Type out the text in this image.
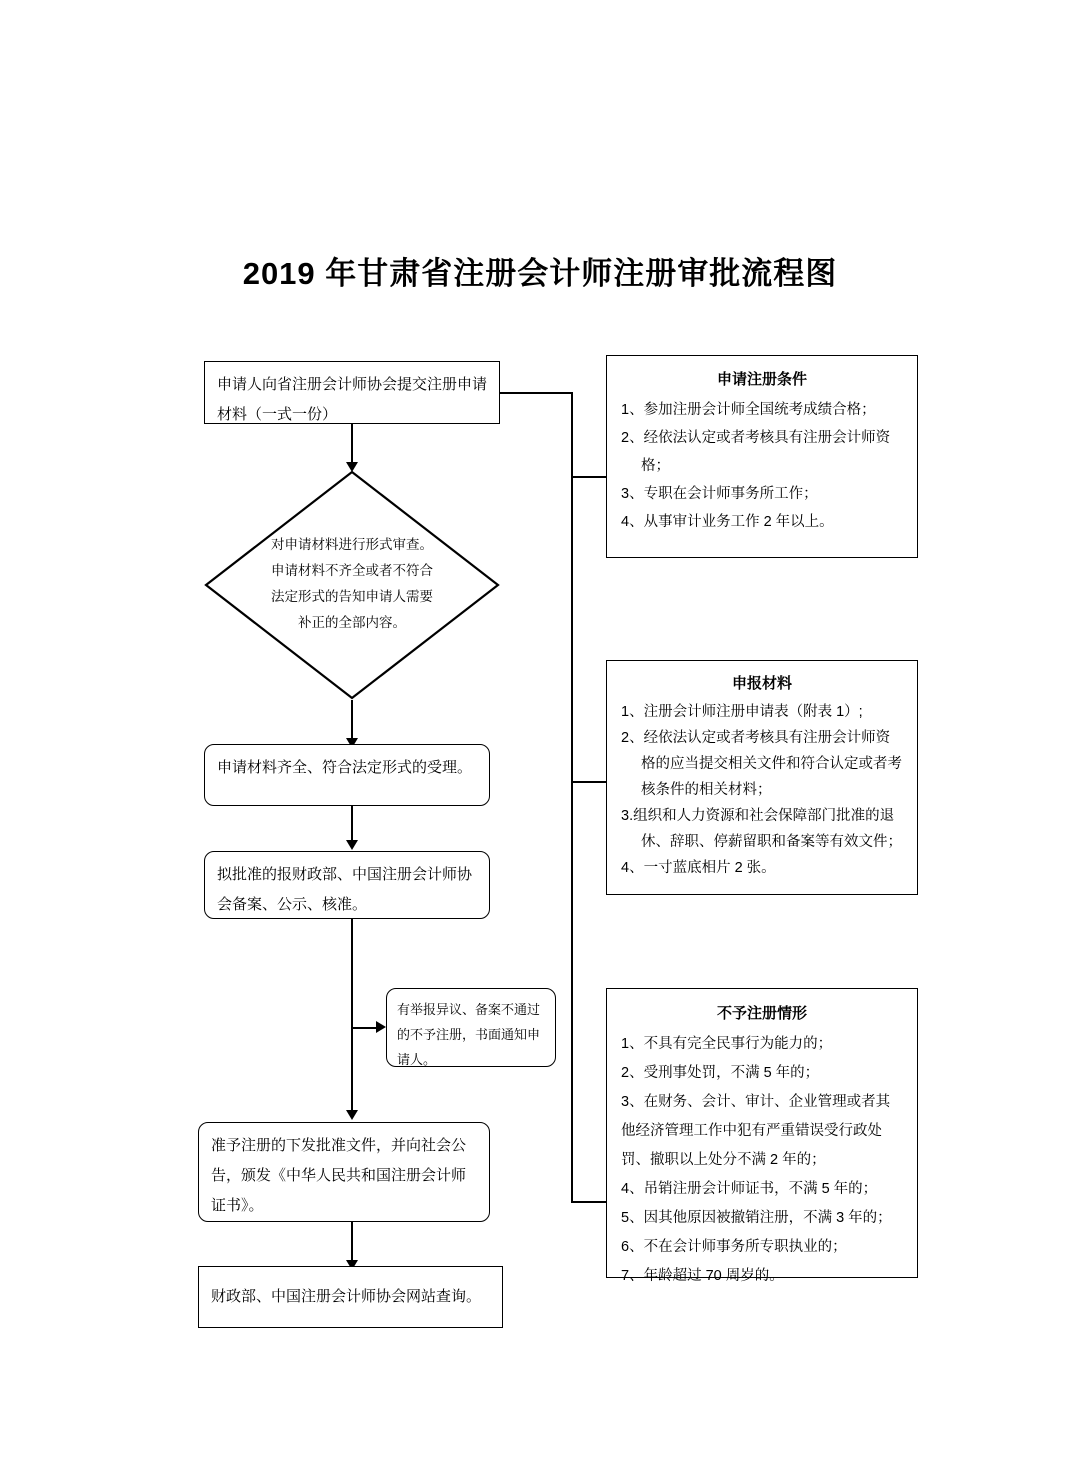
2019 年甘肃省注册会计师注册审批流程图
申请人向省注册会计师协会提交注册申请材料（一式一份）
对申请材料进行形式审查。申请材料不齐全或者不符合法定形式的告知申请人需要补正的全部内容。
申请材料齐全、符合法定形式的受理。
拟批准的报财政部、中国注册会计师协会备案、公示、核准。
有举报异议、备案不通过的不予注册，书面通知申请人。
准予注册的下发批准文件，并向社会公告，颁发《中华人民共和国注册会计师证书》。
财政部、中国注册会计师协会网站查询。
申请注册条件
1、参加注册会计师全国统考成绩合格；
2、经依法认定或者考核具有注册会计师资格；
3、专职在会计师事务所工作；
4、从事审计业务工作 2 年以上。
申报材料
1、注册会计师注册申请表（附表 1）;
2、经依法认定或者考核具有注册会计师资格的应当提交相关文件和符合认定或者考核条件的相关材料；
3.组织和人力资源和社会保障部门批准的退休、辞职、停薪留职和备案等有效文件；
4、一寸蓝底相片 2 张。
不予注册情形
1、不具有完全民事行为能力的；
2、受刑事处罚，不满 5 年的；
3、在财务、会计、审计、企业管理或者其他经济管理工作中犯有严重错误受行政处罚、撤职以上处分不满 2 年的；
4、吊销注册会计师证书，不满 5 年的；
5、因其他原因被撤销注册，不满 3 年的；
6、不在会计师事务所专职执业的；
7、年龄超过 70 周岁的。
